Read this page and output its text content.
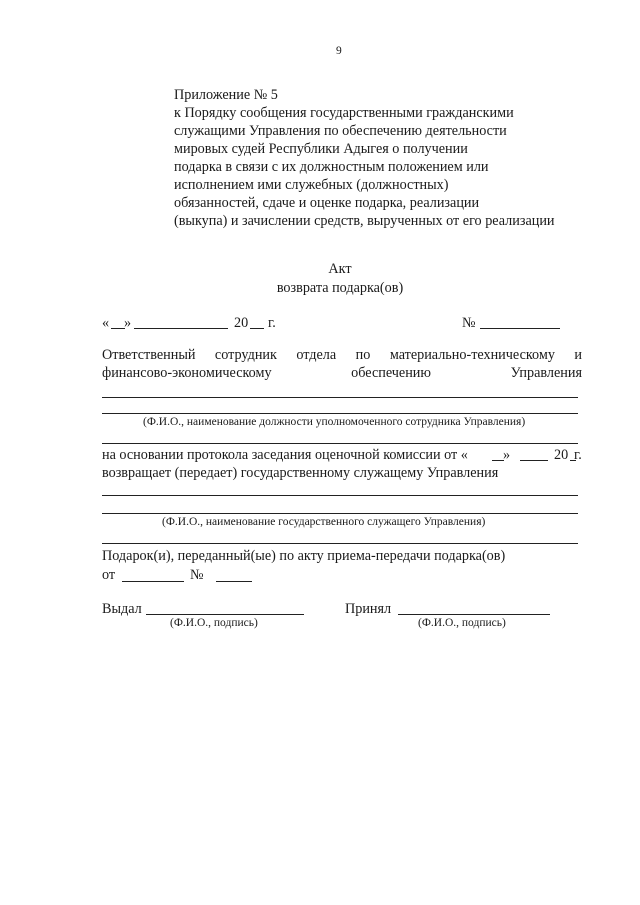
9
Приложение № 5
к Порядку сообщения государственными гражданскими
служащими Управления по обеспечению деятельности
мировых судей Республики Адыгея о получении
подарка в связи с их должностным положением или
исполнением ими служебных (должностных)
обязанностей, сдаче и оценке подарка, реализации
(выкупа) и зачислении средств, вырученных от его реализации
Акт
возврата подарка(ов)
« »	20 г.	№
Ответственный сотрудник отдела по материально-техническому и
финансово-экономическому	обеспечению	Управления
(Ф.И.О., наименование должности уполномоченного сотрудника Управления)
на основании протокола заседания оценочной комиссии от « »	20 г.
возвращает (передает) государственному служащему Управления
(Ф.И.О., наименование государственного служащего Управления)
Подарок(и), переданный(ые) по акту приема-передачи подарка(ов)
от	№
Выдал
(Ф.И.О., подпись)
Принял
(Ф.И.О., подпись)
